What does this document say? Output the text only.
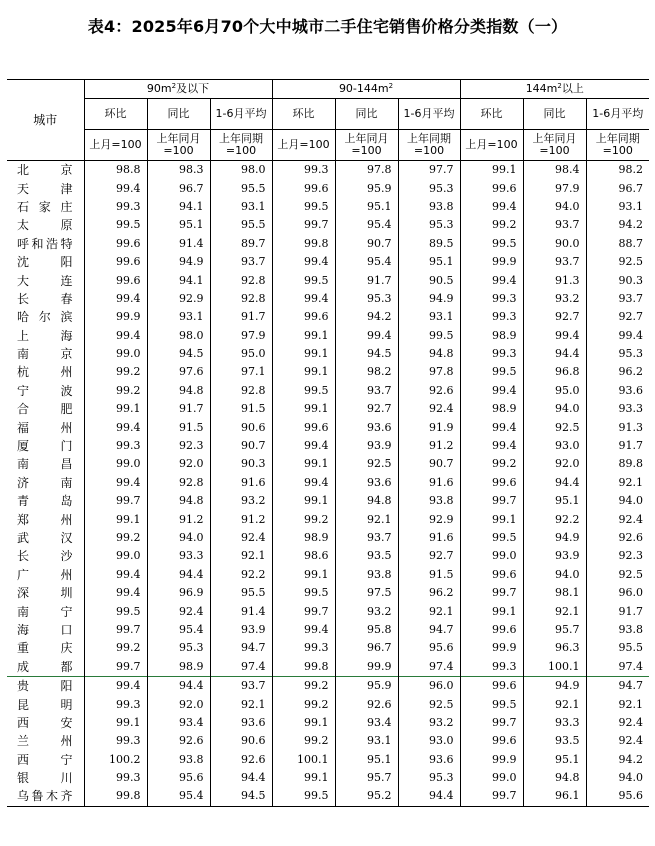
表4：2025年6月70个大中城市二手住宅销售价格分类指数（一）
城市	$90m^2$及以下			$90-144m^2$			$144m^2$以上		
	环比	同比	1-6月平均	环比	同比	1-6月平均	环比	同比	1-6月平均
	上月=100	上年同月=100	上年同期=100	上月=100	上年同月=100	上年同期=100	上月=100	上年同月=100	上年同期=100
北京	98.8	98.3	98.0	99.3	97.8	97.7	99.1	98.4	98.2
天津	99.4	96.7	95.5	99.6	95.9	95.3	99.6	97.9	96.7
石家庄	99.3	94.1	93.1	99.5	95.1	93.8	99.4	94.0	93.1
太原	99.5	95.1	95.5	99.7	95.4	95.3	99.2	93.7	94.2
呼和浩特	99.6	91.4	89.7	99.8	90.7	89.5	99.5	90.0	88.7
沈阳	99.6	94.9	93.7	99.4	95.4	95.1	99.9	93.7	92.5
大连	99.6	94.1	92.8	99.5	91.7	90.5	99.4	91.3	90.3
长春	99.4	92.9	92.8	99.4	95.3	94.9	99.3	93.2	93.7
哈尔滨	99.9	93.1	91.7	99.6	94.2	93.1	99.3	92.7	92.7
上海	99.4	98.0	97.9	99.1	99.4	99.5	98.9	99.4	99.4
南京	99.0	94.5	95.0	99.1	94.5	94.8	99.3	94.4	95.3
杭州	99.2	97.6	97.1	99.1	98.2	97.8	99.5	96.8	96.2
宁波	99.2	94.8	92.8	99.5	93.7	92.6	99.4	95.0	93.6
合肥	99.1	91.7	91.5	99.1	92.7	92.4	98.9	94.0	93.3
福州	99.4	91.5	90.6	99.6	93.6	91.9	99.4	92.5	91.3
厦门	99.3	92.3	90.7	99.4	93.9	91.2	99.4	93.0	91.7
南昌	99.0	92.0	90.3	99.1	92.5	90.7	99.2	92.0	89.8
济南	99.4	92.8	91.6	99.4	93.6	91.6	99.6	94.4	92.1
青岛	99.7	94.8	93.2	99.1	94.8	93.8	99.7	95.1	94.0
郑州	99.1	91.2	91.2	99.2	92.1	92.9	99.1	92.2	92.4
武汉	99.2	94.0	92.4	98.9	93.7	91.6	99.5	94.9	92.6
长沙	99.0	93.3	92.1	98.6	93.5	92.7	99.0	93.9	92.3
广州	99.4	94.4	92.2	99.1	93.8	91.5	99.6	94.0	92.5
深圳	99.4	96.9	95.5	99.5	97.5	96.2	99.7	98.1	96.0
南宁	99.5	92.4	91.4	99.7	93.2	92.1	99.1	92.1	91.7
海口	99.7	95.4	93.9	99.4	95.8	94.7	99.6	95.7	93.8
重庆	99.2	95.3	94.7	99.3	96.7	95.6	99.9	96.3	95.5
成都	99.7	98.9	97.4	99.8	99.9	97.4	99.3	100.1	97.4
贵阳	99.4	94.4	93.7	99.2	95.9	96.0	99.6	94.9	94.7
昆明	99.3	92.0	92.1	99.2	92.6	92.5	99.5	92.1	92.1
西安	99.1	93.4	93.6	99.1	93.4	93.2	99.7	93.3	92.4
兰州	99.3	92.6	90.6	99.2	93.1	93.0	99.6	93.5	92.4
西宁	100.2	93.8	92.6	100.1	95.1	93.6	99.9	95.1	94.2
银川	99.3	95.6	94.4	99.1	95.7	95.3	99.0	94.8	94.0
乌鲁木齐	99.8	95.4	94.5	99.5	95.2	94.4	99.7	96.1	95.6
